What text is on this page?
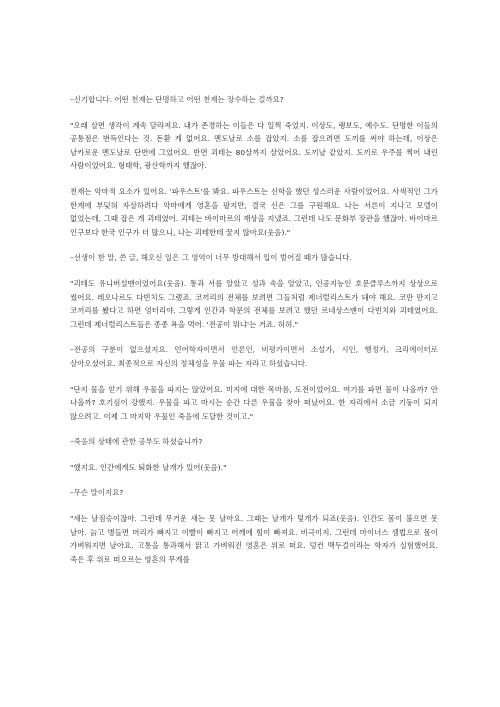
–신기합니다. 어떤 천재는 단명하고 어떤 천재는 장수하는 걸까요?

"오래 살면 생각이 계속 달라져요. 내가 존경하는 이들은 다 일찍 죽었지. 이상도, 랭보도, 예수도. 단명한 이들의 공통점은 번득인다는 것. 돈환 게 없어요. 멘도날로 소를 잡았지. 소를 잡으려면 도끼를 써야 하는데, 이상은 날카로운 멘도날로 단번에 그었어요. 반면 괴테는 80살까지 살았어요. 도끼날 같았지. 도끼로 우주를 찍어 내린 사람이었어요. 형태학, 광산학까지 했잖아.

천재는 악마적 요소가 있어요. '파우스트'를 봐요. 파우스트는 신학을 했던 성스러운 사람이었어요. 사색적인 그가 한계에 부딪혀 자살하려다 악마에게 영혼을 팔지만, 결국 신은 그를 구원해요. 나는 서른이 지나고 모델이 없었는데, 그때 잡은 게 괴테였어. 괴테는 바이마르의 재상을 지냈죠. 그런데 나도 문화부 장관을 했잖아. 바이마르 인구보다 한국 인구가 더 많으니, 나는 괴테한테 꿀지 않아요(웃음)."

–선생이 한 말, 쓴 글, 해오신 일은 그 영역이 너무 방대해서 입이 벌어질 때가 많습니다.

"괴테도 유니버설맨이었어요(웃음). 통과 서를 알았고 성과 속을 알았고, 인공지능인 호문클루스까지 상상으로 썼어요. 레오나르도 다빈치도 그랬죠. 코끼리의 전체를 보려면 그들처럼 제너럴리스트가 돼야 해요. 코만 만지고 코끼리를 봤다고 하면 엉터리야. 그렇게 인간과 학문의 전체를 보려고 했던 르네상스맨이 다빈치와 괴테였어요. 그런데 제너럴리스트들은 종종 욕을 먹어. '전공이 뭐냐'는 거죠. 허허."

–전공의 구분이 없으셨지요. 언어학자이면서 언론인, 비평가이면서 소설가, 시인, 행정가, 크리에이터로 살아오셨어요. 최종적으로 자신의 정체성을 우물 파는 자라고 하셨습니다.

"단지 물을 얻기 위해 우물을 파지는 않았어요. 미지에 대한 목마름, 도전이었어요. 여기를 파면 물이 나올까? 안 나올까? 호기심이 강했지. 우물을 파고 마시는 순간 다른 우물을 찾아 떠났어요. 한 자리에서 소금 기둥이 되지 않으려고. 이제 그 마지막 우물인 죽음에 도달한 것이고."

–죽음의 상태에 관한 공부도 하셨습니까?

"했지요. 인간에게도 퇴화한 날개가 있어(웃음)."

–무슨 말이지요?

"새는 날짐승이잖아. 그런데 무거운 새는 못 날아요. 그때는 날개가 덫개가 되죠(웃음). 인간도 몸이 불으면 못 날아. 늙고 병들면 머리가 빠지고 이빨이 빠지고 어깨에 힘이 빠져요. 비극이지. 그런데 마이너스 셈법으로 몸이 가벼워지면 날아요. 고통을 통과해서 맑고 가벼워진 영혼은 위로 떠요. 덩컨 맥두걸이라는 학자가 실험했어요. 죽은 후 위로 떠오르는 영혼의 무게를
